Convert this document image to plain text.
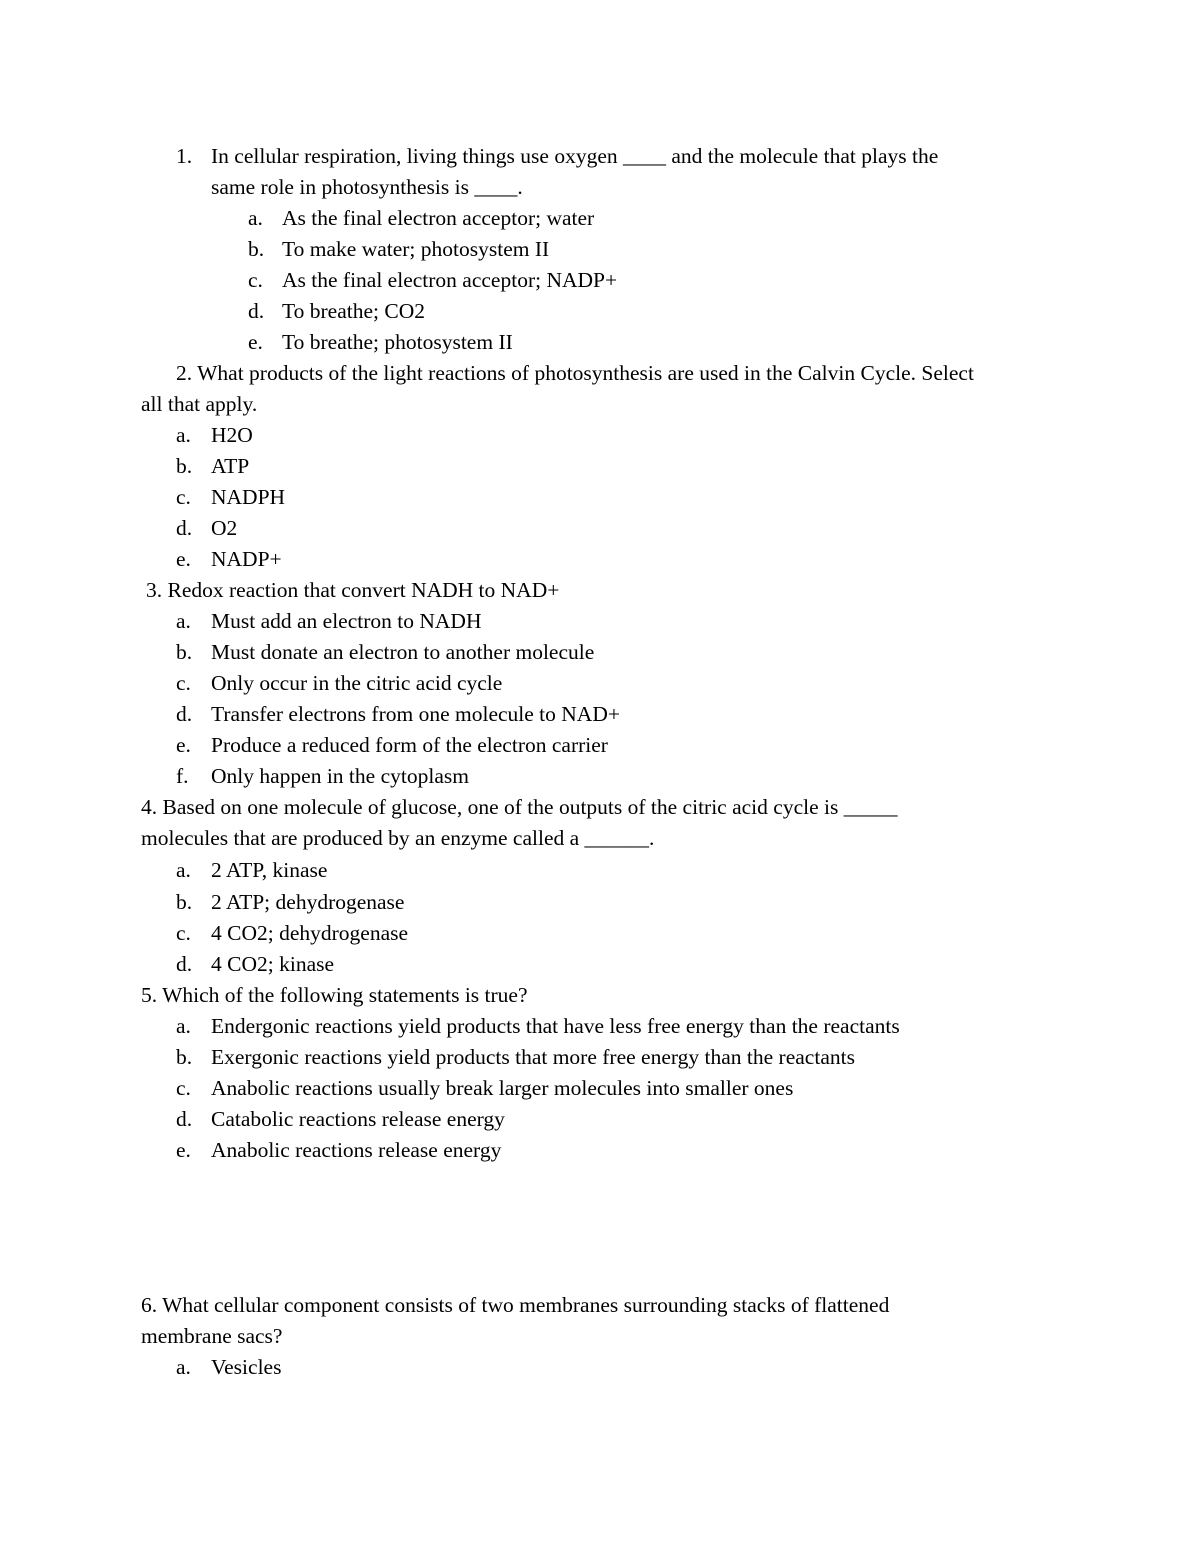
1. In cellular respiration, living things use oxygen ____ and the molecule that plays the
same role in photosynthesis is ____.
a. As the final electron acceptor; water
b. To make water; photosystem II
c. As the final electron acceptor; NADP+
d. To breathe; CO2
e. To breathe; photosystem II
2. What products of the light reactions of photosynthesis are used in the Calvin Cycle. Select
all that apply.
a. H2O
b. ATP
c. NADPH
d. O2
e. NADP+
3. Redox reaction that convert NADH to NAD+
a. Must add an electron to NADH
b. Must donate an electron to another molecule
c. Only occur in the citric acid cycle
d. Transfer electrons from one molecule to NAD+
e. Produce a reduced form of the electron carrier
f. Only happen in the cytoplasm
4. Based on one molecule of glucose, one of the outputs of the citric acid cycle is _____
molecules that are produced by an enzyme called a ______.
a. 2 ATP, kinase
b. 2 ATP; dehydrogenase
c. 4 CO2; dehydrogenase
d. 4 CO2; kinase
5. Which of the following statements is true?
a. Endergonic reactions yield products that have less free energy than the reactants
b. Exergonic reactions yield products that more free energy than the reactants
c. Anabolic reactions usually break larger molecules into smaller ones
d. Catabolic reactions release energy
e. Anabolic reactions release energy
6. What cellular component consists of two membranes surrounding stacks of flattened
membrane sacs?
a. Vesicles
